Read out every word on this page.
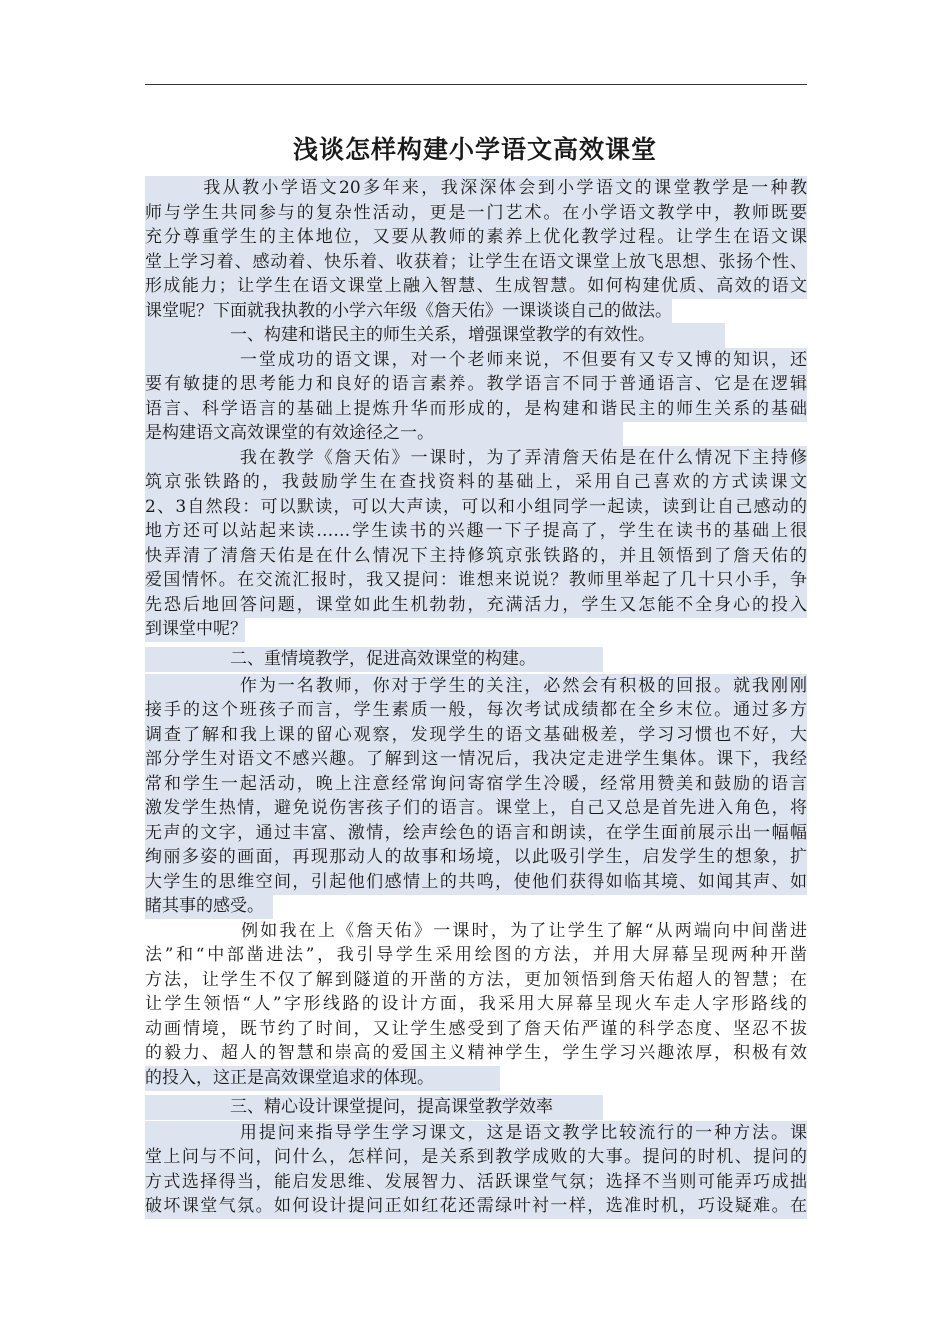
浅谈怎样构建小学语文高效课堂
　　　我从教小学语文20多年来，我深深体会到小学语文的课堂教学是一种教
师与学生共同参与的复杂性活动，更是一门艺术。在小学语文教学中，教师既要
充分尊重学生的主体地位，又要从教师的素养上优化教学过程。让学生在语文课
堂上学习着、感动着、快乐着、收获着；让学生在语文课堂上放飞思想、张扬个性、
形成能力；让学生在语文课堂上融入智慧、生成智慧。如何构建优质、高效的语文
课堂呢？下面就我执教的小学六年级《詹天佑》一课谈谈自己的做法。
　　　　　一、构建和谐民主的师生关系，增强课堂教学的有效性。
　　　　　一堂成功的语文课，对一个老师来说，不但要有又专又博的知识，还
要有敏捷的思考能力和良好的语言素养。教学语言不同于普通语言、它是在逻辑
语言、科学语言的基础上提炼升华而形成的，是构建和谐民主的师生关系的基础
是构建语文高效课堂的有效途径之一。
　　　　　我在教学《詹天佑》一课时，为了弄清詹天佑是在什么情况下主持修
筑京张铁路的，我鼓励学生在查找资料的基础上，采用自己喜欢的方式读课文
2、3自然段：可以默读，可以大声读，可以和小组同学一起读，读到让自己感动的
地方还可以站起来读……学生读书的兴趣一下子提高了，学生在读书的基础上很
快弄清了清詹天佑是在什么情况下主持修筑京张铁路的，并且领悟到了詹天佑的
爱国情怀。在交流汇报时，我又提问：谁想来说说？教师里举起了几十只小手，争
先恐后地回答问题，课堂如此生机勃勃，充满活力，学生又怎能不全身心的投入
到课堂中呢？
　　　　　二、重情境教学，促进高效课堂的构建。
　　　　　作为一名教师，你对于学生的关注，必然会有积极的回报。就我刚刚
接手的这个班孩子而言，学生素质一般，每次考试成绩都在全乡末位。通过多方
调查了解和我上课的留心观察，发现学生的语文基础极差，学习习惯也不好，大
部分学生对语文不感兴趣。了解到这一情况后，我决定走进学生集体。课下，我经
常和学生一起活动，晚上注意经常询问寄宿学生冷暖，经常用赞美和鼓励的语言
激发学生热情，避免说伤害孩子们的语言。课堂上，自己又总是首先进入角色，将
无声的文字，通过丰富、激情，绘声绘色的语言和朗读，在学生面前展示出一幅幅
绚丽多姿的画面，再现那动人的故事和场境，以此吸引学生，启发学生的想象，扩
大学生的思维空间，引起他们感情上的共鸣，使他们获得如临其境、如闻其声、如
睹其事的感受。
　　　　　例如我在上《詹天佑》一课时，为了让学生了解“从两端向中间凿进
法”和“中部凿进法”，我引导学生采用绘图的方法，并用大屏幕呈现两种开凿
方法，让学生不仅了解到隧道的开凿的方法，更加领悟到詹天佑超人的智慧；在
让学生领悟“人”字形线路的设计方面，我采用大屏幕呈现火车走人字形路线的
动画情境，既节约了时间，又让学生感受到了詹天佑严谨的科学态度、坚忍不拔
的毅力、超人的智慧和崇高的爱国主义精神学生，学生学习兴趣浓厚，积极有效
的投入，这正是高效课堂追求的体现。
　　　　　三、精心设计课堂提问，提高课堂教学效率
　　　　　用提问来指导学生学习课文，这是语文教学比较流行的一种方法。课
堂上问与不问，问什么，怎样问，是关系到教学成败的大事。提问的时机、提问的
方式选择得当，能启发思维、发展智力、活跃课堂气氛；选择不当则可能弄巧成拙
破坏课堂气氛。如何设计提问正如红花还需绿叶衬一样，选准时机，巧设疑难。在
